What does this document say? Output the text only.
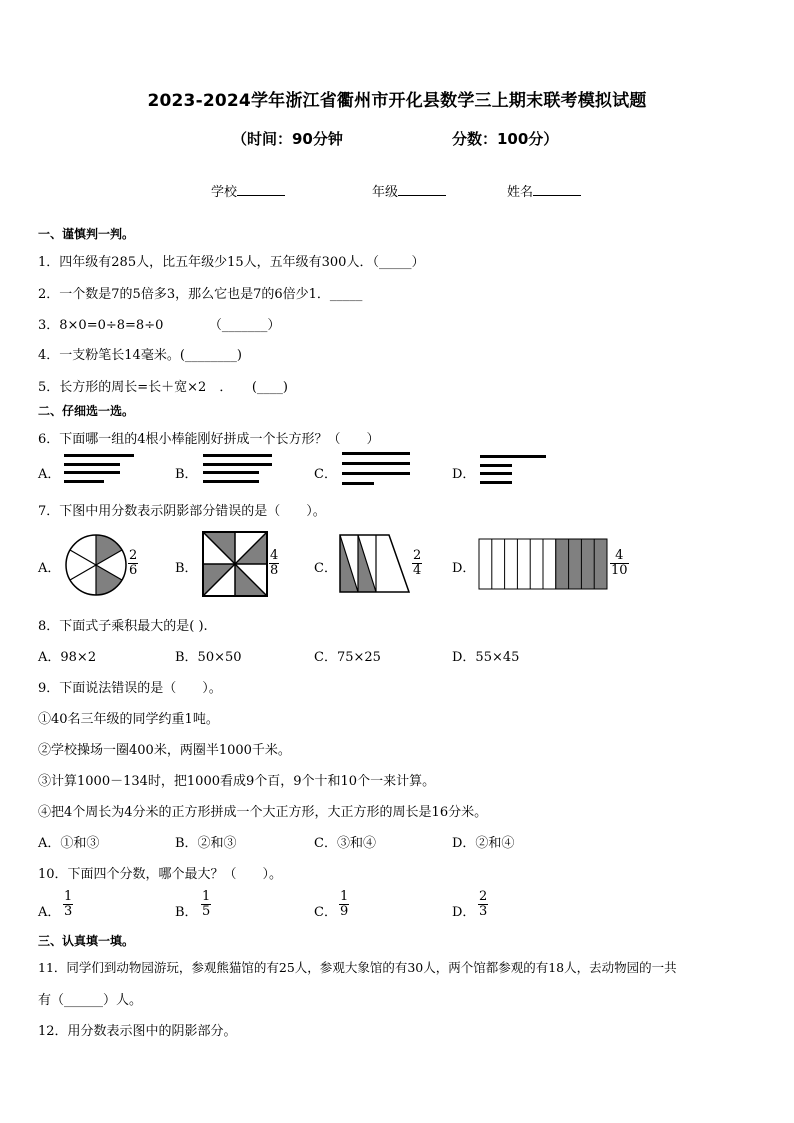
2023-2024学年浙江省衢州市开化县数学三上期末联考模拟试题
（时间：90分钟	分数：100分）
学校	年级	姓名
一、谨慎判一判。
1．四年级有285人，比五年级少15人，五年级有300人．（_____）
2．一个数是7的5倍多3，那么它也是7的6倍少1．_____
3．8×0=0÷8=8÷0　　　　（_______）
4．一支粉笔长14毫米。(________)
5．长方形的周长=长＋宽×2　．　　(____)
二、仔细选一选。
6．下面哪一组的4根小棒能刚好拼成一个长方形？（　　）
A．	B．	C．	D．
7．下图中用分数表示阴影部分错误的是（　　）。
A．	$\frac{2}{6}$	B．	$\frac{4}{8}$	C．	$\frac{2}{4}$ D．	$\frac{4}{10}$
8．下面式子乘积最大的是( ).
A．98×2	B．50×50	C．75×25	D．55×45
9．下面说法错误的是（　　）。
①40名三年级的同学约重1吨。
②学校操场一圈400米，两圈半1000千米。
③计算1000－134时，把1000看成9个百，9个十和10个一来计算。
④把4个周长为4分米的正方形拼成一个大正方形，大正方形的周长是16分米。
A．①和③	B．②和③	C．③和④	D．②和④
10．下面四个分数，哪个最大？（　　）。
A． $\frac{1}{3}$	B． $\frac{1}{5}$	C． $\frac{1}{9}$	D． $\frac{2}{3}$
三、认真填一填。
11．同学们到动物园游玩，参观熊猫馆的有25人，参观大象馆的有30人，两个馆都参观的有18人，去动物园的一共
有（______）人。
12．用分数表示图中的阴影部分。
